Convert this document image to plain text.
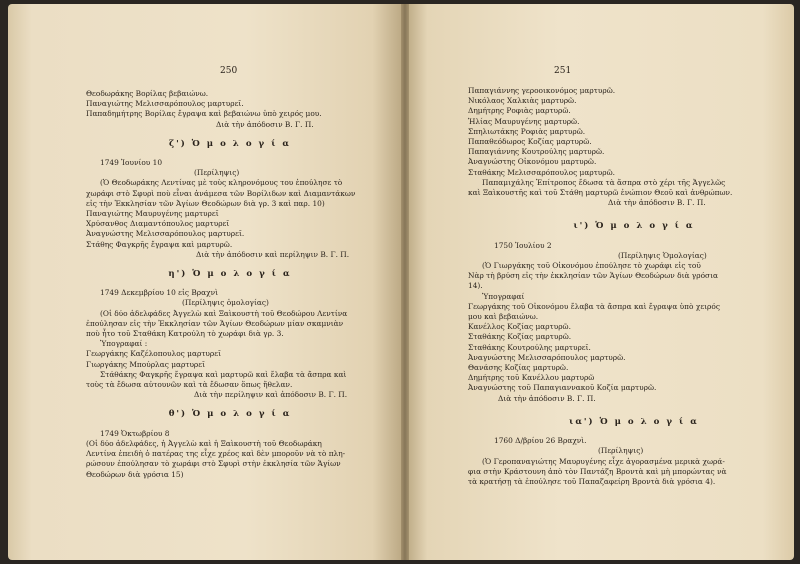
250
Θεοδωράκης Βορίλας βεβαιώνω.
Παναγιώτης Μελισσαρόπουλος μαρτυρεῖ.
Παπαδημήτρης Βορίλας ἔγραψα καὶ βεβαιώνω ὑπὸ χειρός μου.
Διὰ τὴν ἀπόδοσιν Β. Γ. Π.
ζ') Ὁ μ ο λ ο γ ί α
1749 Ἰουνίου 10
(Περίληψις)
(Ὁ Θεοδωράκης Λεντίνας μὲ τοὺς κληρονόμους του ἐπούλησε τὸ
χωράφι στὸ Σφυρὶ ποὺ εἶναι ἀνάμεσα τῶν Βορίλιδων καὶ Διαμαντάκων
εἰς τὴν Ἐκκλησίαν τῶν Ἁγίων Θεοδώρων διὰ γρ. 3 καὶ παρ. 10)
Παναγιώτης Μαυρυγένης μαρτυρεῖ
Χρύσανθος Διαμαντόπουλος μαρτυρεῖ
Ἀναγνώστης Μελισσαρόπουλος μαρτυρεῖ.
Στάθης Φαγκρῆς ἔγραψα καὶ μαρτυρῶ.
Διὰ τὴν ἀπόδοσιν καὶ περίληψιν Β. Γ. Π.
η') Ὁ μ ο λ ο γ ί α
1749 Δεκεμβρίου 10 εἰς Βραχνὶ
(Περίληψις ὁμολογίας)
(Οἱ δύο ἀδελφάδες Ἀγγελὼ καὶ Ξαὶκουστὴ τοῦ Θεοδώρου Λεντίνα
ἐπούλησαν εἰς τὴν Ἐκκλησίαν τῶν Ἁγίων Θεοδώρων μίαν σκαμνιὰν
ποὺ ἦτο τοῦ Σταθάκη Κατρούλη τὸ χωράφι διὰ γρ. 3.
Ὑπογραφαί :
Γεωργάκης Καζέλοπουλος μαρτυρεῖ
Γιωργάκης Μπούρλας μαρτυρεῖ
Στάθάκης Φαγκρῆς ἔγραψα καὶ μαρτυρῶ καὶ ἔλαβα τὰ ἄσπρα καὶ
τοὺς τὰ ἔδωσα αὐτουνῶν καὶ τὰ ἔδωσαν ὅπως ἤθελαν.
Διὰ τὴν περίληψιν καὶ ἀπόδοσιν Β. Γ. Π.
θ') Ὁ μ ο λ ο γ ί α
1749 Ὀκτωβρίου 8
(Οἱ δύο ἀδελφάδες, ἡ Ἀγγελὼ καὶ ἡ Ξαὶκουστὴ τοῦ Θεοδωράκη
Λεντίνα ἐπειδὴ ὁ πατέρας της εἶχε χρέος καὶ δὲν μποροῦν νὰ τὸ πλη-
ρώσουν ἐπούλησαν τὸ χωράφι στὸ Σφυρὶ στὴν ἐκκλησία τῶν Ἁγίων
Θεοδώρων διὰ γρόσια 15)
251
Παπαγιάννης γεροοικονόμος μαρτυρῶ.
Νικόλαος Χαλκιὰς μαρτυρῶ.
Δημήτρης Ροφιὰς μαρτυρῶ.
Ἠλίας Μαυρυγένης μαρτυρῶ.
Σπηλιωτάκης Ροφιὰς μαρτυρῶ.
Παπαθεόδωρος Κοζίας μαρτυρῶ.
Παπαγιάννης Κουτρούλης μαρτυρῶ.
Ἀναγνώστης Οἰκονόμου μαρτυρῶ.
Σταθάκης Μελισσαρόπουλος μαρτυρῶ.
Παπαμιχάλης Ἐπίτροπος ἔδωσα τὰ ἄσπρα στὸ χέρι τῆς Ἀγγελῶς
καὶ Ξαὶκουστῆς καὶ τοῦ Στάθη μαρτυρῶ ἐνώπιον Θεοῦ καὶ ἀνθρώπων.
Διὰ τὴν ἀπόδοσιν Β. Γ. Π.
ι') Ὁ μ ο λ ο γ ί α
1750 Ἰουλίου 2
(Περίληψις Ὁμολογίας)
(Ὁ Γιωργάκης τοῦ Οἰκονόμου ἐπούλησε τὸ χωράφι εἰς τοῦ
Νὰρ τὴ βρύση εἰς τὴν ἐκκλησίαν τῶν Ἁγίων Θεοδώρων διὰ γρόσια
14).
Ὑπογραφαί
Γεωργάκης τοῦ Οἰκονόμου ἔλαβα τὰ ἄσπρα καὶ ἔγραψα ὑπὸ χειρός
μου καὶ βεβαιώνω.
Κανέλλος Κοζίας μαρτυρῶ.
Σταθάκης Κοζίας μαρτυρῶ.
Σταθάκης Κουτρούλης μαρτυρεῖ.
Ἀναγνώστης Μελισσαρόπουλος μαρτυρῶ.
Θανάσης Κοζίας μαρτυρῶ.
Δημήτρης τοῦ Κανέλλου μαρτυρῶ
Ἀναγνώστης τοῦ Παπαγιαννακοῦ Κοζία μαρτυρῶ.
Διὰ τὴν ἀπόδοσιν Β. Γ. Π.
ια') Ὁ μ ο λ ο γ ί α
1760 Δ/βρίου 26 Βραχνὶ.
(Περίληψις)
(Ὁ Γεροπαναγιώτης Μαυρυγένης εἶχε ἀγορασμένα μερικὰ χωρά-
φια στὴν Κράστουνη ἀπὸ τὸν Παντάζη Βροντὰ καὶ μὴ μπορώντας νὰ
τὰ κρατήσῃ τὰ ἐπούλησε τοῦ Παπαζαφείρη Βροντὰ διὰ γρόσια 4).
